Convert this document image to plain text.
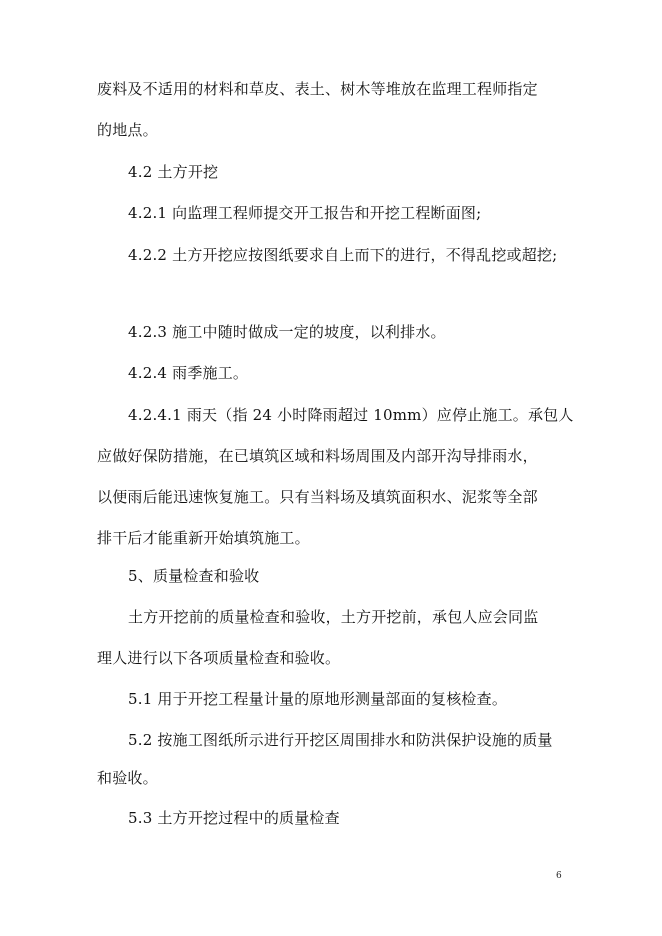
废料及不适用的材料和草皮、表土、树木等堆放在监理工程师指定
的地点。
4.2 土方开挖
4.2.1 向监理工程师提交开工报告和开挖工程断面图;
4.2.2 土方开挖应按图纸要求自上而下的进行，不得乱挖或超挖;
4.2.3 施工中随时做成一定的坡度，以利排水。
4.2.4 雨季施工。
4.2.4.1 雨天（指 24 小时降雨超过 10mm）应停止施工。承包人
应做好保防措施，在已填筑区域和料场周围及内部开沟导排雨水，
以便雨后能迅速恢复施工。只有当料场及填筑面积水、泥浆等全部
排干后才能重新开始填筑施工。
5、质量检查和验收
土方开挖前的质量检查和验收，土方开挖前，承包人应会同监
理人进行以下各项质量检查和验收。
5.1 用于开挖工程量计量的原地形测量部面的复核检查。
5.2 按施工图纸所示进行开挖区周围排水和防洪保护设施的质量
和验收。
5.3 土方开挖过程中的质量检查
6
